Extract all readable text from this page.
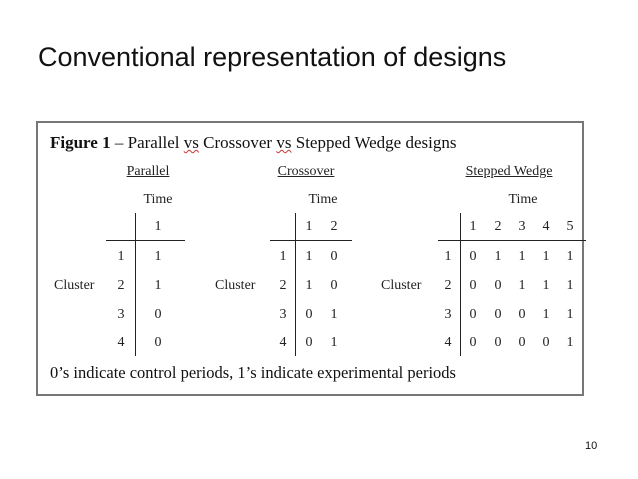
Conventional representation of designs
Figure 1 – Parallel vs Crossover vs Stepped Wedge designs
Parallel
Time
1
Cluster
1
2
3
4
1
1
0
0
Crossover
Time
1 2
Cluster
1
2
3
4
1 0
1 0
0 1
0 1
Stepped Wedge
Time
1 2 3 4 5
Cluster
1
2
3
4
0 1 1 1 1
0 0 1 1 1
0 0 0 1 1
0 0 0 0 1
0’s indicate control periods, 1’s indicate experimental periods
10
